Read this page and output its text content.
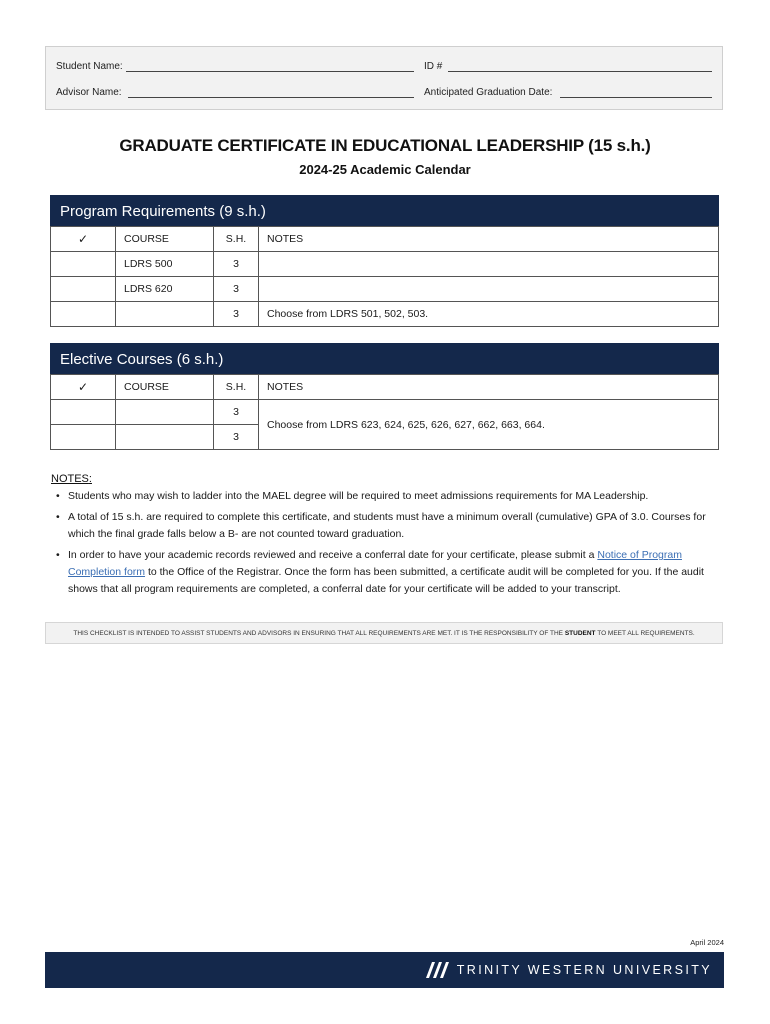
Student Name:	ID #
Advisor Name:	Anticipated Graduation Date:
GRADUATE CERTIFICATE IN EDUCATIONAL LEADERSHIP (15 s.h.)
2024-25 Academic Calendar
Program Requirements (9 s.h.)
✓	COURSE	S.H.	NOTES
	LDRS 500	3	
	LDRS 620	3	
		3	Choose from LDRS 501, 502, 503.
Elective Courses (6 s.h.)
✓	COURSE	S.H.	NOTES
		3	Choose from LDRS 623, 624, 625, 626, 627, 662, 663, 664.
		3	
NOTES:
• Students who may wish to ladder into the MAEL degree will be required to meet admissions requirements for MA Leadership.
• A total of 15 s.h. are required to complete this certificate, and students must have a minimum overall (cumulative) GPA of 3.0. Courses for which the final grade falls below a B- are not counted toward graduation.
• In order to have your academic records reviewed and receive a conferral date for your certificate, please submit a Notice of Program Completion form to the Office of the Registrar. Once the form has been submitted, a certificate audit will be completed for you. If the audit shows that all program requirements are completed, a conferral date for your certificate will be added to your transcript.
THIS CHECKLIST IS INTENDED TO ASSIST STUDENTS AND ADVISORS IN ENSURING THAT ALL REQUIREMENTS ARE MET. IT IS THE RESPONSIBILITY OF THE STUDENT TO MEET ALL REQUIREMENTS.
April 2024
TRINITY WESTERN UNIVERSITY
